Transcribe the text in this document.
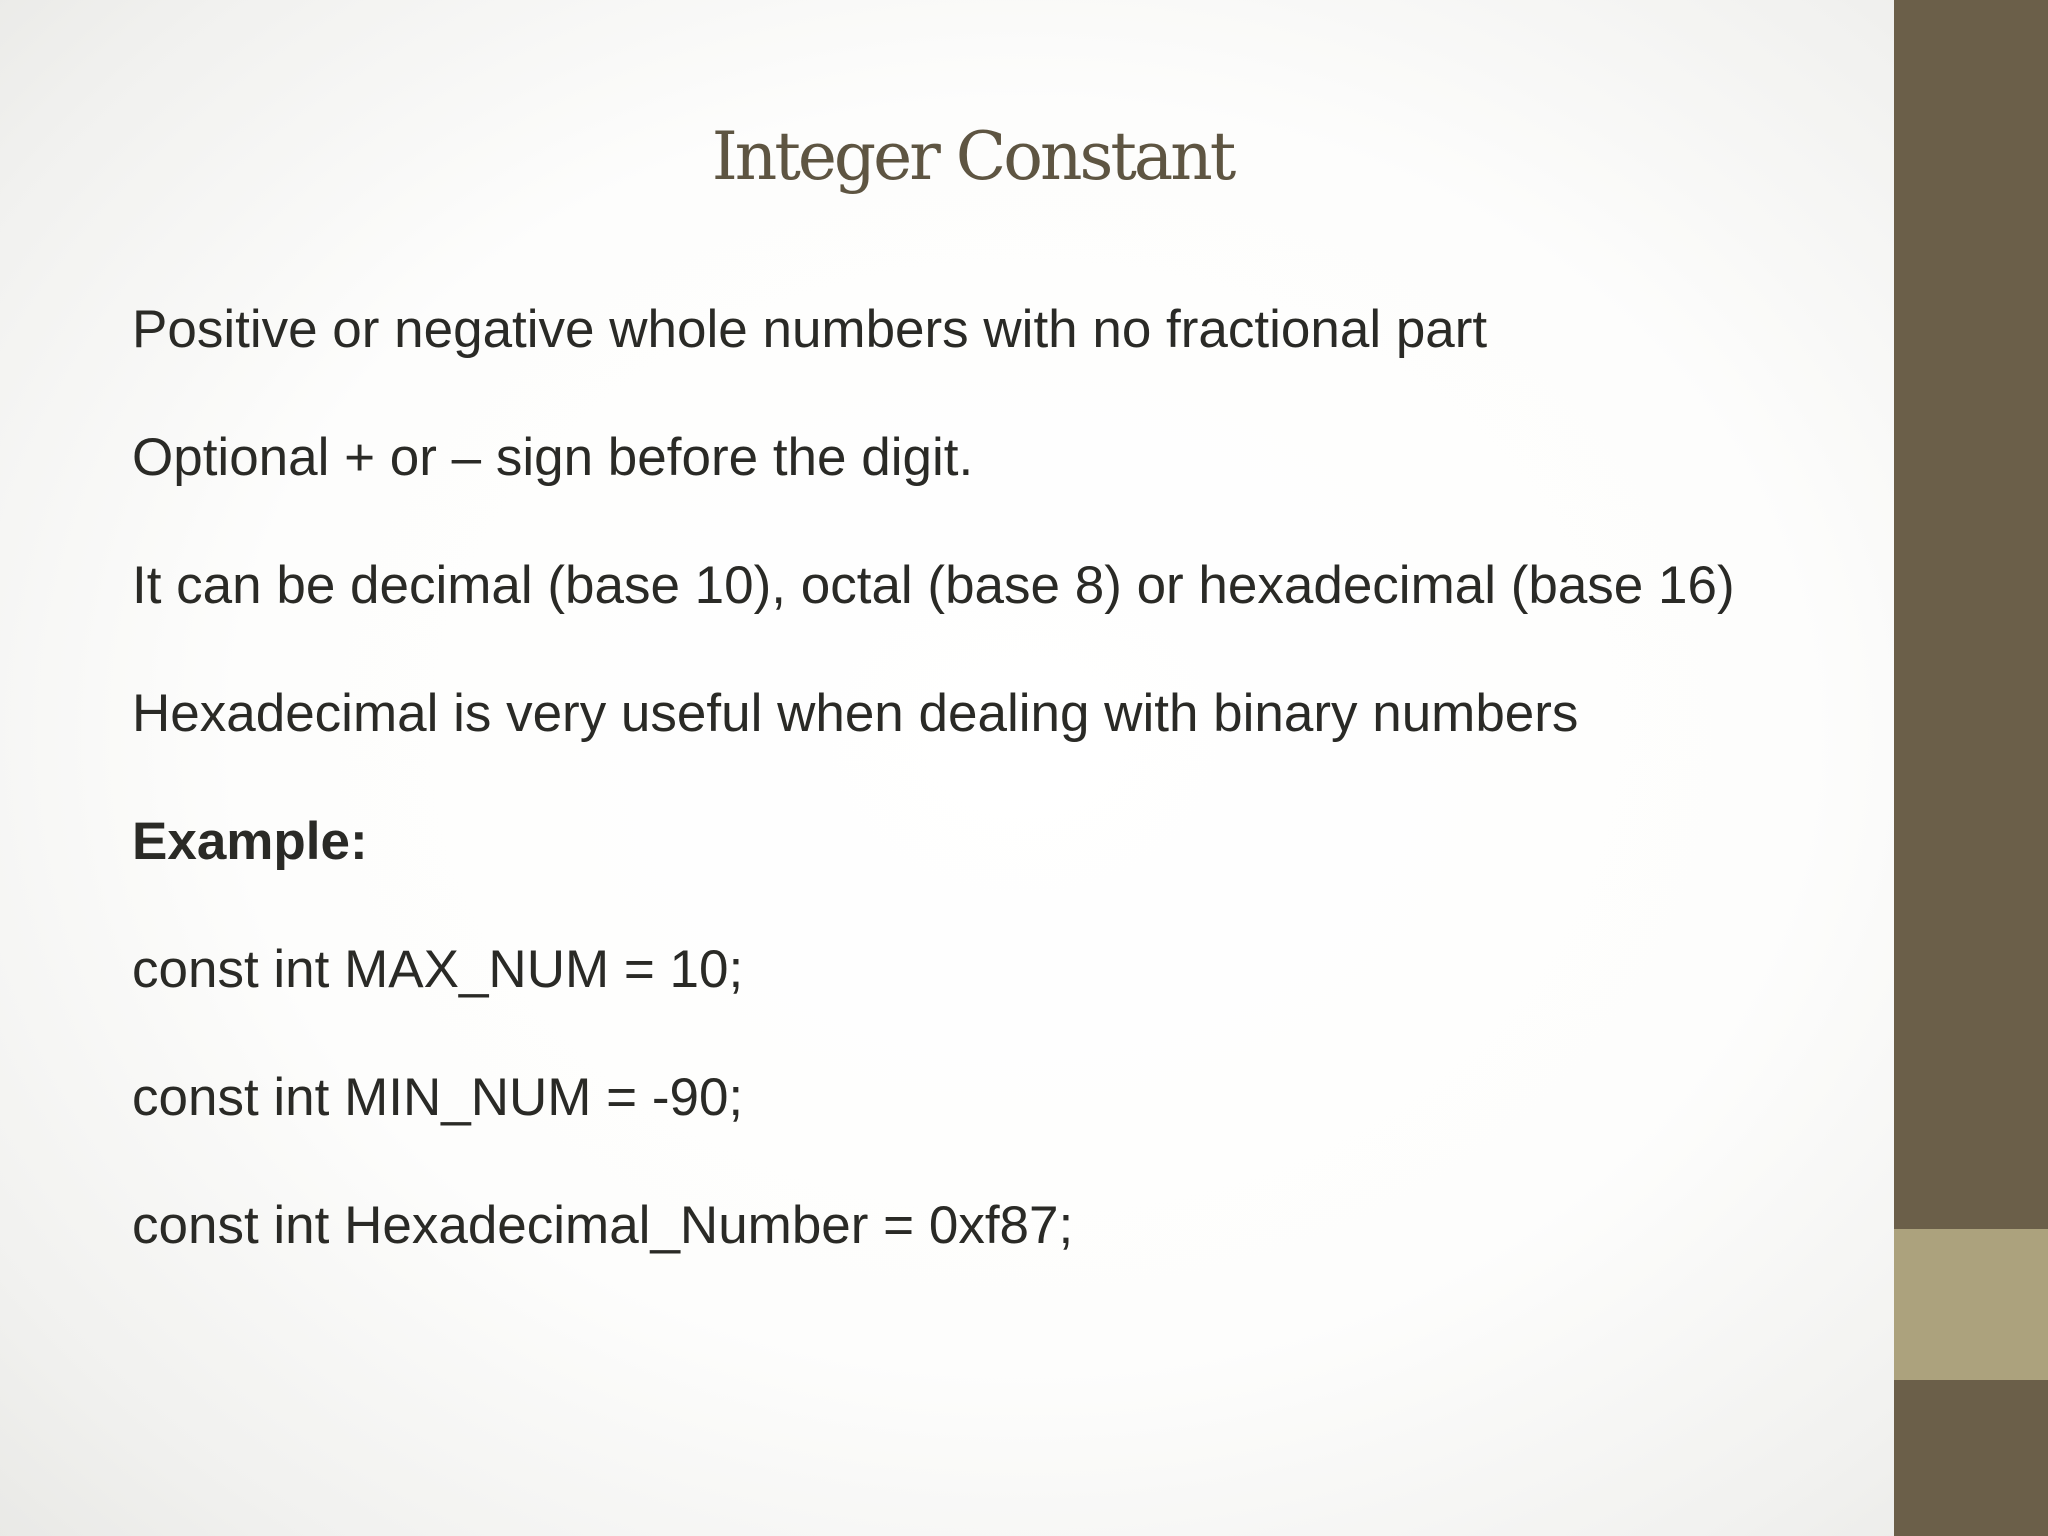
Integer Constant
Positive or negative whole numbers with no fractional part
Optional + or – sign before the digit.
It can be decimal (base 10), octal (base 8) or hexadecimal (base 16)
Hexadecimal is very useful when dealing with binary numbers
Example:
const int MAX_NUM = 10;
const int MIN_NUM = -90;
const int Hexadecimal_Number = 0xf87;
